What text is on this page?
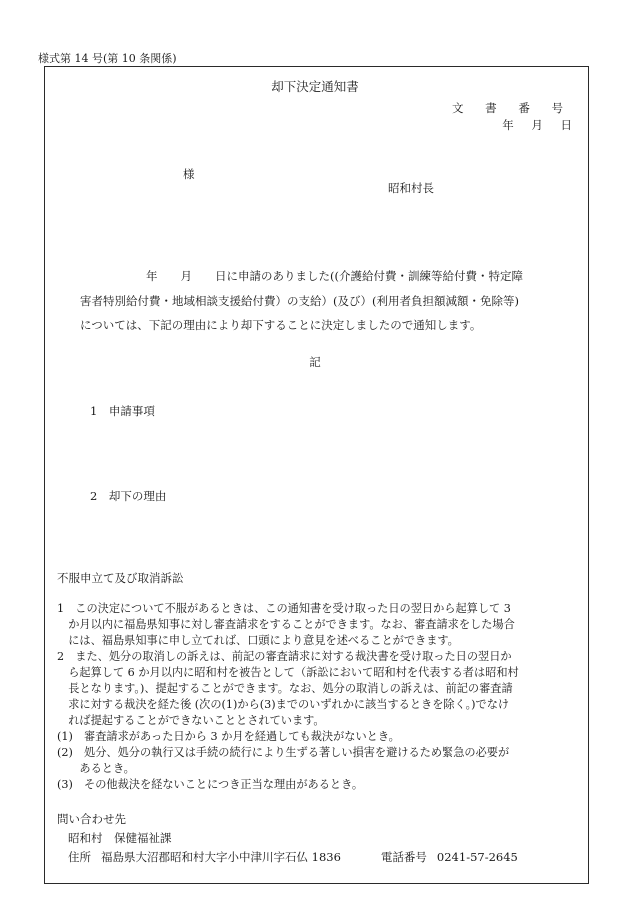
様式第 14 号(第 10 条関係)
却下決定通知書
文 書 番 号
年 月 日
様
昭和村長
年　　月　　日に申請のありました((介護給付費・訓練等給付費・特定障
害者特別給付費・地域相談支援給付費）の支給）(及び）(利用者負担額減額・免除等)
については、下記の理由により却下することに決定しましたので通知します。
記
1　申請事項
2　却下の理由
不服申立て及び取消訴訟
1　この決定について不服があるときは、この通知書を受け取った日の翌日から起算して 3
　か月以内に福島県知事に対し審査請求をすることができます。なお、審査請求をした場合
　には、福島県知事に申し立てれば、口頭により意見を述べることができます。
2　また、処分の取消しの訴えは、前記の審査請求に対する裁決書を受け取った日の翌日か
　ら起算して 6 か月以内に昭和村を被告として（訴訟において昭和村を代表する者は昭和村
　長となります。)、提起することができます。なお、処分の取消しの訴えは、前記の審査請
　求に対する裁決を経た後 (次の(1)から(3)までのいずれかに該当するときを除く。)でなけ
　れば提起することができないこととされています。
(1)　審査請求があった日から 3 か月を経過しても裁決がないとき。
(2)　処分、処分の執行又は手続の続行により生ずる著しい損害を避けるため緊急の必要が
　　あるとき。
(3)　その他裁決を経ないことにつき正当な理由があるとき。
問い合わせ先
昭和村　保健福祉課
住所 福島県大沼郡昭和村大字小中津川字石仏 1836	電話番号 0241-57-2645
